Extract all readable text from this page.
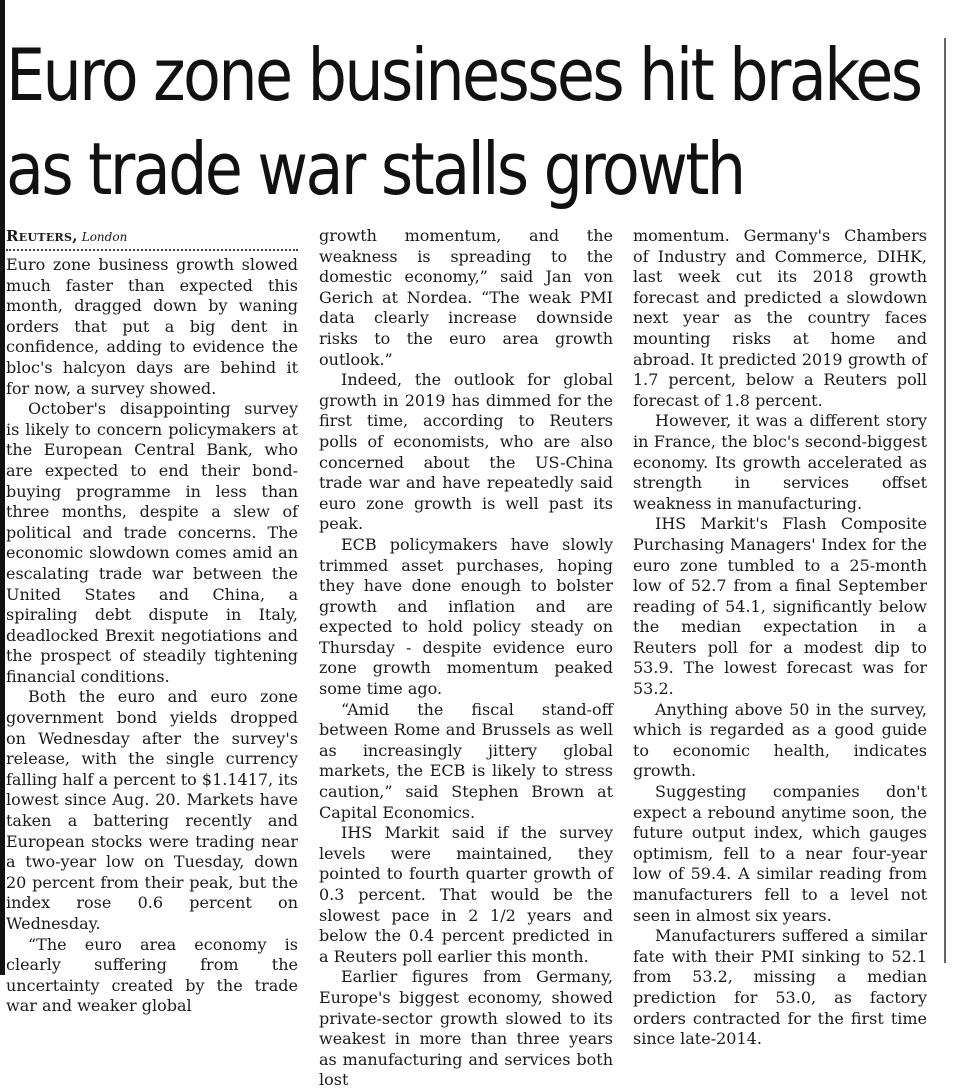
Euro zone businesses hit brakes as trade war stalls growth
Reuters, London

Euro zone business growth slowed much faster than expected this month, dragged down by waning orders that put a big dent in confidence, adding to evidence the bloc's halcyon days are behind it for now, a survey showed.

October's disappointing survey is likely to concern policymakers at the European Central Bank, who are expected to end their bond-buying programme in less than three months, despite a slew of political and trade concerns. The economic slowdown comes amid an escalating trade war between the United States and China, a spiraling debt dispute in Italy, deadlocked Brexit negotiations and the prospect of steadily tightening financial conditions.

Both the euro and euro zone government bond yields dropped on Wednesday after the survey's release, with the single currency falling half a percent to $1.1417, its lowest since Aug. 20. Markets have taken a battering recently and European stocks were trading near a two-year low on Tuesday, down 20 percent from their peak, but the index rose 0.6 percent on Wednesday.

“The euro area economy is clearly suffering from the uncertainty created by the trade war and weaker global

growth momentum, and the weakness is spreading to the domestic economy,” said Jan von Gerich at Nordea. “The weak PMI data clearly increase downside risks to the euro area growth outlook.”

Indeed, the outlook for global growth in 2019 has dimmed for the first time, according to Reuters polls of economists, who are also concerned about the US-China trade war and have repeatedly said euro zone growth is well past its peak.

ECB policymakers have slowly trimmed asset purchases, hoping they have done enough to bolster growth and inflation and are expected to hold policy steady on Thursday - despite evidence euro zone growth momentum peaked some time ago.

“Amid the fiscal stand-off between Rome and Brussels as well as increasingly jittery global markets, the ECB is likely to stress caution,” said Stephen Brown at Capital Economics.

IHS Markit said if the survey levels were maintained, they pointed to fourth quarter growth of 0.3 percent. That would be the slowest pace in 2 1/2 years and below the 0.4 percent predicted in a Reuters poll earlier this month.

Earlier figures from Germany, Europe's biggest economy, showed private-sector growth slowed to its weakest in more than three years as manufacturing and services both lost

momentum. Germany's Chambers of Industry and Commerce, DIHK, last week cut its 2018 growth forecast and predicted a slowdown next year as the country faces mounting risks at home and abroad. It predicted 2019 growth of 1.7 percent, below a Reuters poll forecast of 1.8 percent.

However, it was a different story in France, the bloc's second-biggest economy. Its growth accelerated as strength in services offset weakness in manufacturing.

IHS Markit's Flash Composite Purchasing Managers' Index for the euro zone tumbled to a 25-month low of 52.7 from a final September reading of 54.1, significantly below the median expectation in a Reuters poll for a modest dip to 53.9. The lowest forecast was for 53.2.

Anything above 50 in the survey, which is regarded as a good guide to economic health, indicates growth.

Suggesting companies don't expect a rebound anytime soon, the future output index, which gauges optimism, fell to a near four-year low of 59.4. A similar reading from manufacturers fell to a level not seen in almost six years.

Manufacturers suffered a similar fate with their PMI sinking to 52.1 from 53.2, missing a median prediction for 53.0, as factory orders contracted for the first time since late-2014.
